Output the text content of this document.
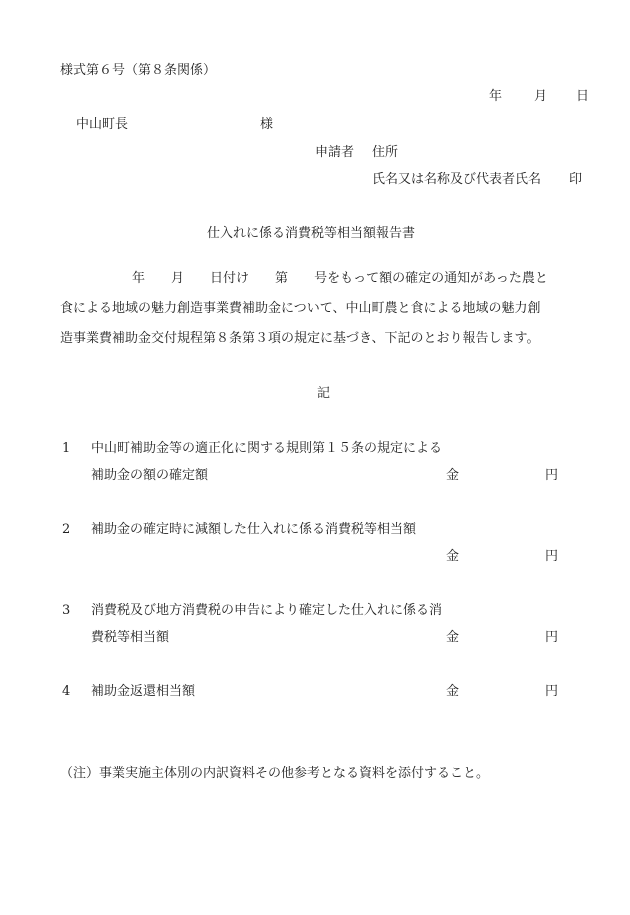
様式第６号（第８条関係）
年 月 日
中山町長	様
申請者 住所
氏名又は名称及び代表者氏名 印
仕入れに係る消費税等相当額報告書
年 月 日付け 第 号をもって額の確定の通知があった農と
食による地域の魅力創造事業費補助金について、中山町農と食による地域の魅力創
造事業費補助金交付規程第８条第３項の規定に基づき、下記のとおり報告します。
記
1 中山町補助金等の適正化に関する規則第１５条の規定による
補助金の額の確定額	金	円
2 補助金の確定時に減額した仕入れに係る消費税等相当額
金	円
3 消費税及び地方消費税の申告により確定した仕入れに係る消
費税等相当額	金	円
4 補助金返還相当額	金	円
（注）事業実施主体別の内訳資料その他参考となる資料を添付すること。
